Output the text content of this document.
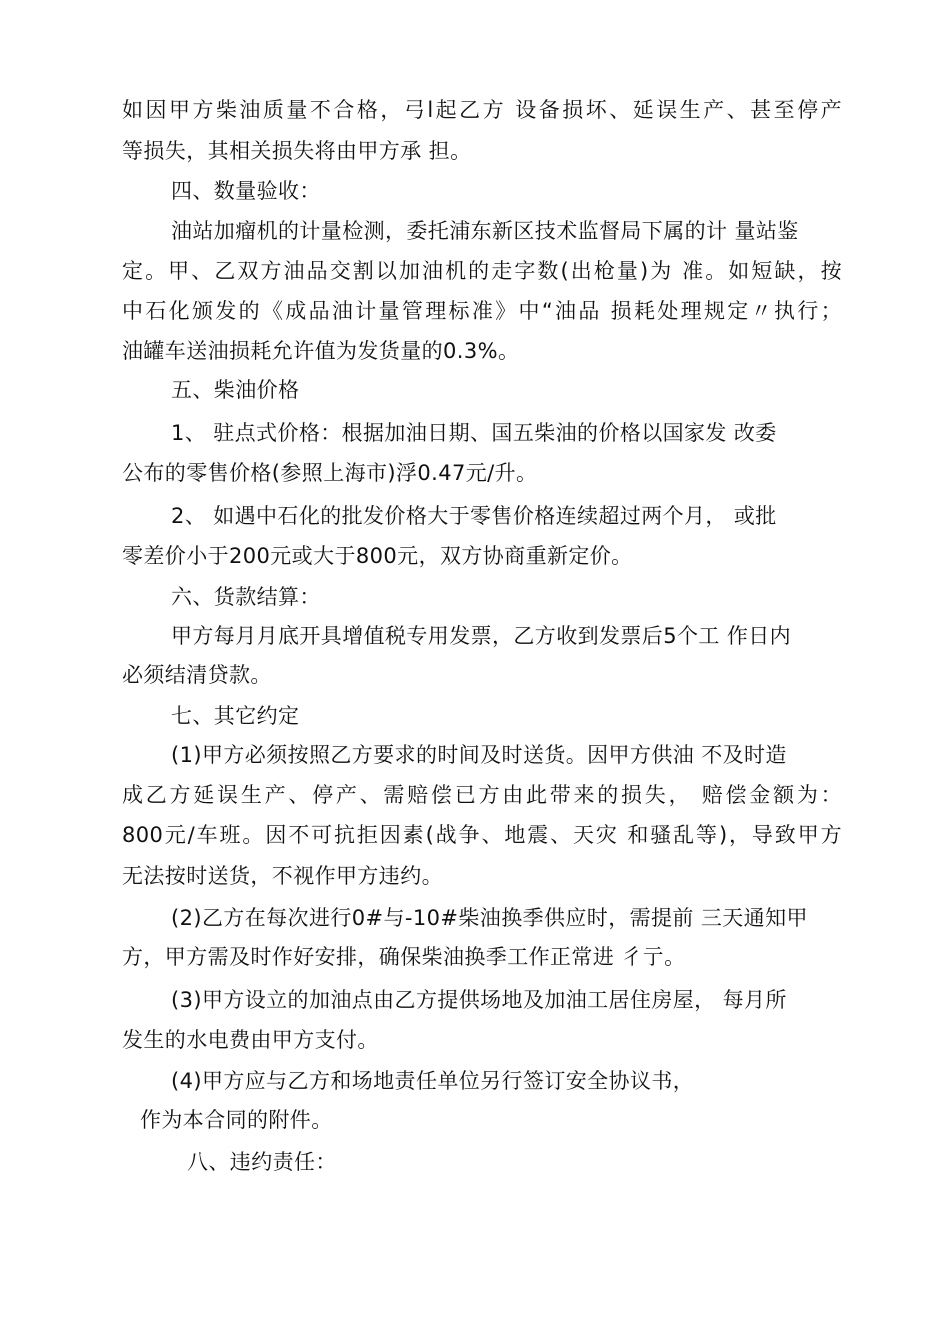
如因甲方柴油质量不合格，弓l起乙方 设备损坏、延误生产、甚至停产
等损失，其相关损失将由甲方承 担。
四、数量验收：
油站加瘤机的计量检测，委托浦东新区技术监督局下属的计 量站鉴
定。甲、乙双方油品交割以加油机的走字数(出枪量)为 准。如短缺，按
中石化颁发的《成品油计量管理标准》中“油品 损耗处理规定〃执行；
油罐车送油损耗允许值为发货量的0.3%。
五、柴油价格
1、 驻点式价格：根据加油日期、国五柴油的价格以国家发 改委
公布的零售价格(参照上海市)浮0.47元/升。
2、 如遇中石化的批发价格大于零售价格连续超过两个月， 或批
零差价小于200元或大于800元，双方协商重新定价。
六、货款结算：
甲方每月月底开具增值税专用发票，乙方收到发票后5个工 作日内
必须结清贷款。
七、其它约定
(1)甲方必须按照乙方要求的时间及时送货。因甲方供油 不及时造
成乙方延误生产、停产、需赔偿已方由此带来的损失， 赔偿金额为：
800元/车班。因不可抗拒因素(战争、地震、天灾 和骚乱等)，导致甲方
无法按时送货，不视作甲方违约。
(2)乙方在每次进行0#与-10#柴油换季供应时，需提前 三天通知甲
方，甲方需及时作好安排，确保柴油换季工作正常进 彳亍。
(3)甲方设立的加油点由乙方提供场地及加油工居住房屋， 每月所
发生的水电费由甲方支付。
(4)甲方应与乙方和场地责任单位另行签订安全协议书，
作为本合同的附件。
八、违约责任：
